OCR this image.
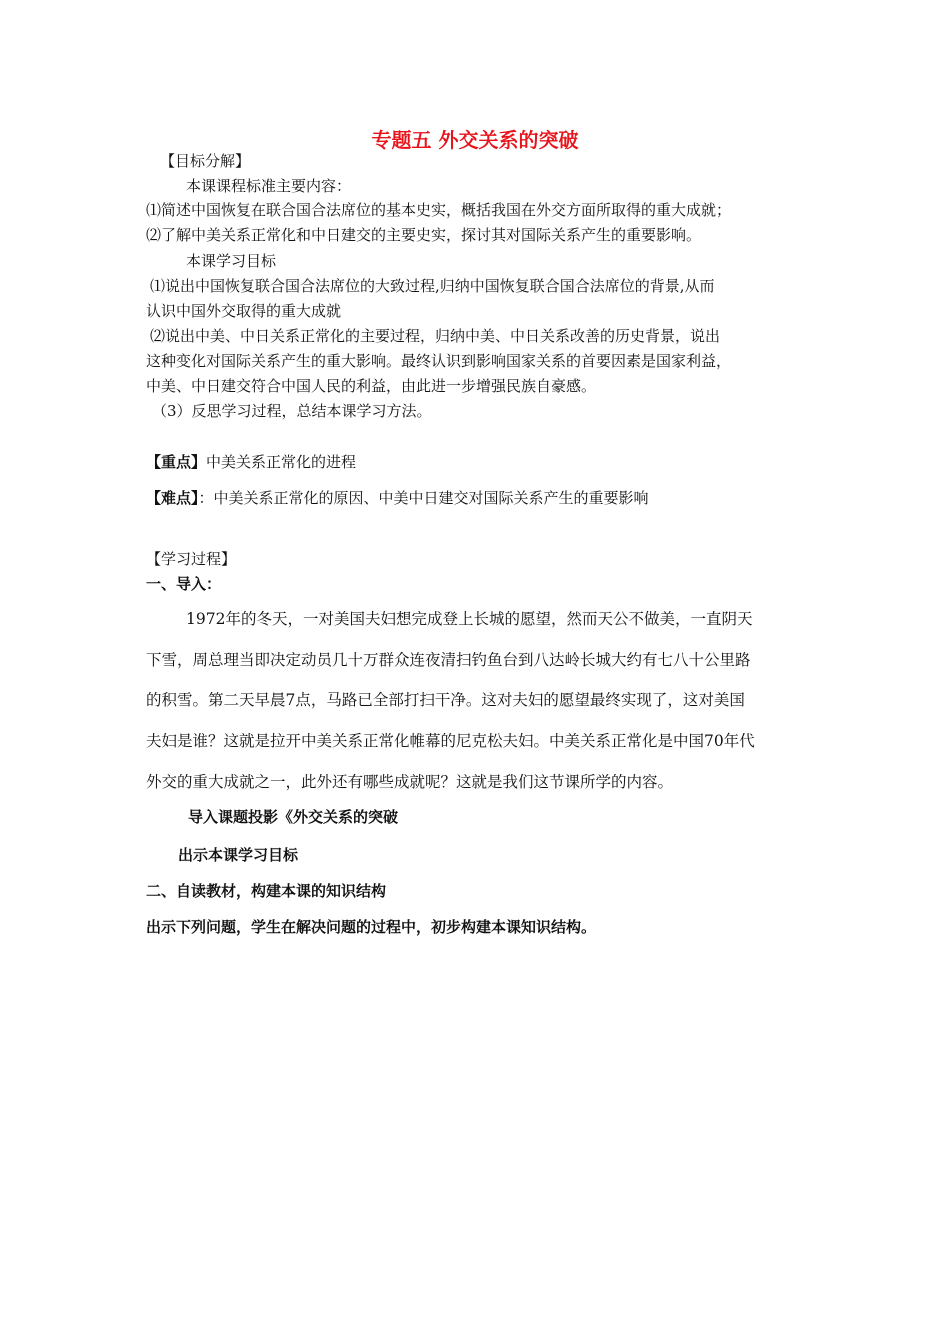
专题五 外交关系的突破
【目标分解】
本课课程标准主要内容：
⑴简述中国恢复在联合国合法席位的基本史实，概括我国在外交方面所取得的重大成就；
⑵了解中美关系正常化和中日建交的主要史实，探讨其对国际关系产生的重要影响。
本课学习目标
⑴说出中国恢复联合国合法席位的大致过程,归纳中国恢复联合国合法席位的背景,从而
认识中国外交取得的重大成就
⑵说出中美、中日关系正常化的主要过程，归纳中美、中日关系改善的历史背景，说出
这种变化对国际关系产生的重大影响。最终认识到影响国家关系的首要因素是国家利益，
中美、中日建交符合中国人民的利益，由此进一步增强民族自豪感。
（3）反思学习过程，总结本课学习方法。
【重点】中美关系正常化的进程
【难点】：中美关系正常化的原因、中美中日建交对国际关系产生的重要影响
【学习过程】
一、导入：
1972年的冬天，一对美国夫妇想完成登上长城的愿望，然而天公不做美，一直阴天
下雪，周总理当即决定动员几十万群众连夜清扫钓鱼台到八达岭长城大约有七八十公里路
的积雪。第二天早晨7点，马路已全部打扫干净。这对夫妇的愿望最终实现了，这对美国
夫妇是谁？这就是拉开中美关系正常化帷幕的尼克松夫妇。中美关系正常化是中国70年代
外交的重大成就之一，此外还有哪些成就呢？这就是我们这节课所学的内容。
导入课题投影《外交关系的突破
出示本课学习目标
二、自读教材，构建本课的知识结构
出示下列问题，学生在解决问题的过程中，初步构建本课知识结构。
